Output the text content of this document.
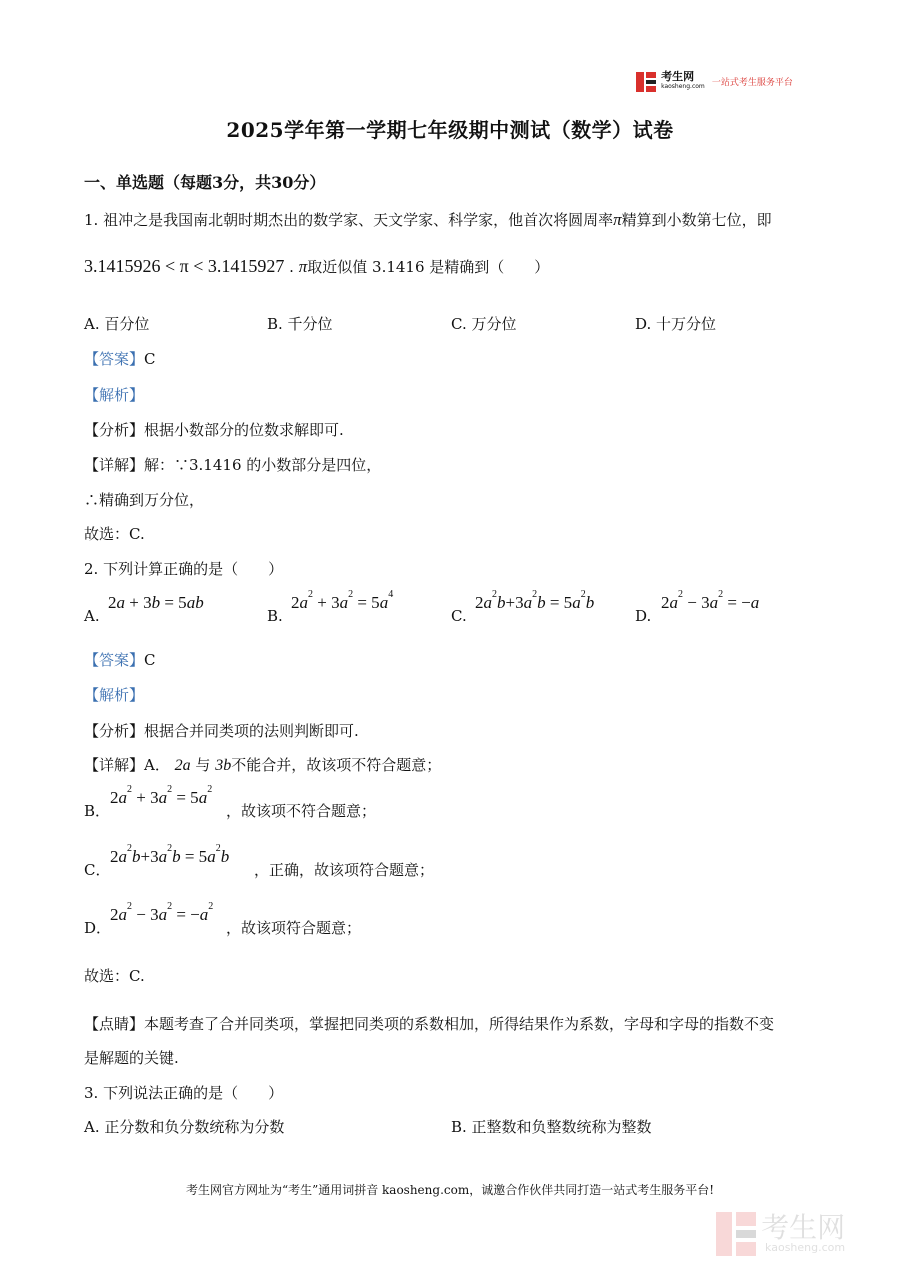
考生网
kaosheng.com 一站式考生服务平台
2025学年第一学期七年级期中测试（数学）试卷
一、单选题（每题3分，共30分）
1. 祖冲之是我国南北朝时期杰出的数学家、天文学家、科学家，他首次将圆周率π精算到小数第七位，即
3.1415926 < π < 3.1415927 . π取近似值 3.1416 是精确到（　　）
A. 百分位	B. 千分位	C. 万分位	D. 十万分位
【答案】C
【解析】
【分析】根据小数部分的位数求解即可.
【详解】解：∵3.1416 的小数部分是四位，
∴精确到万分位，
故选：C.
2. 下列计算正确的是（　　）
A.
2a + 3b = 5ab
B.
$2a^2 + 3a^2 = 5a^4$
C.
$2a^2b+3a^2b = 5a^2b$
D.
$2a^2 - 3a^2 = -a$
【答案】C
【解析】
【分析】根据合并同类项的法则判断即可.
【详解】A． 2a 与 3b不能合并，故该项不符合题意；
B．
$2a^2 + 3a^2 = 5a^2$
，故该项不符合题意；
C．
$2a^2b+3a^2b = 5a^2b$
，正确，故该项符合题意；
D．
$2a^2 - 3a^2 = -a^2$
，故该项符合题意；
故选：C.
【点睛】本题考查了合并同类项，掌握把同类项的系数相加，所得结果作为系数，字母和字母的指数不变
是解题的关键.
3. 下列说法正确的是（　　）
A. 正分数和负分数统称为分数	B. 正整数和负整数统称为整数
考生网官方网址为“考生”通用词拼音 kaosheng.com，诚邀合作伙伴共同打造一站式考生服务平台!

考生网
kaosheng.com
